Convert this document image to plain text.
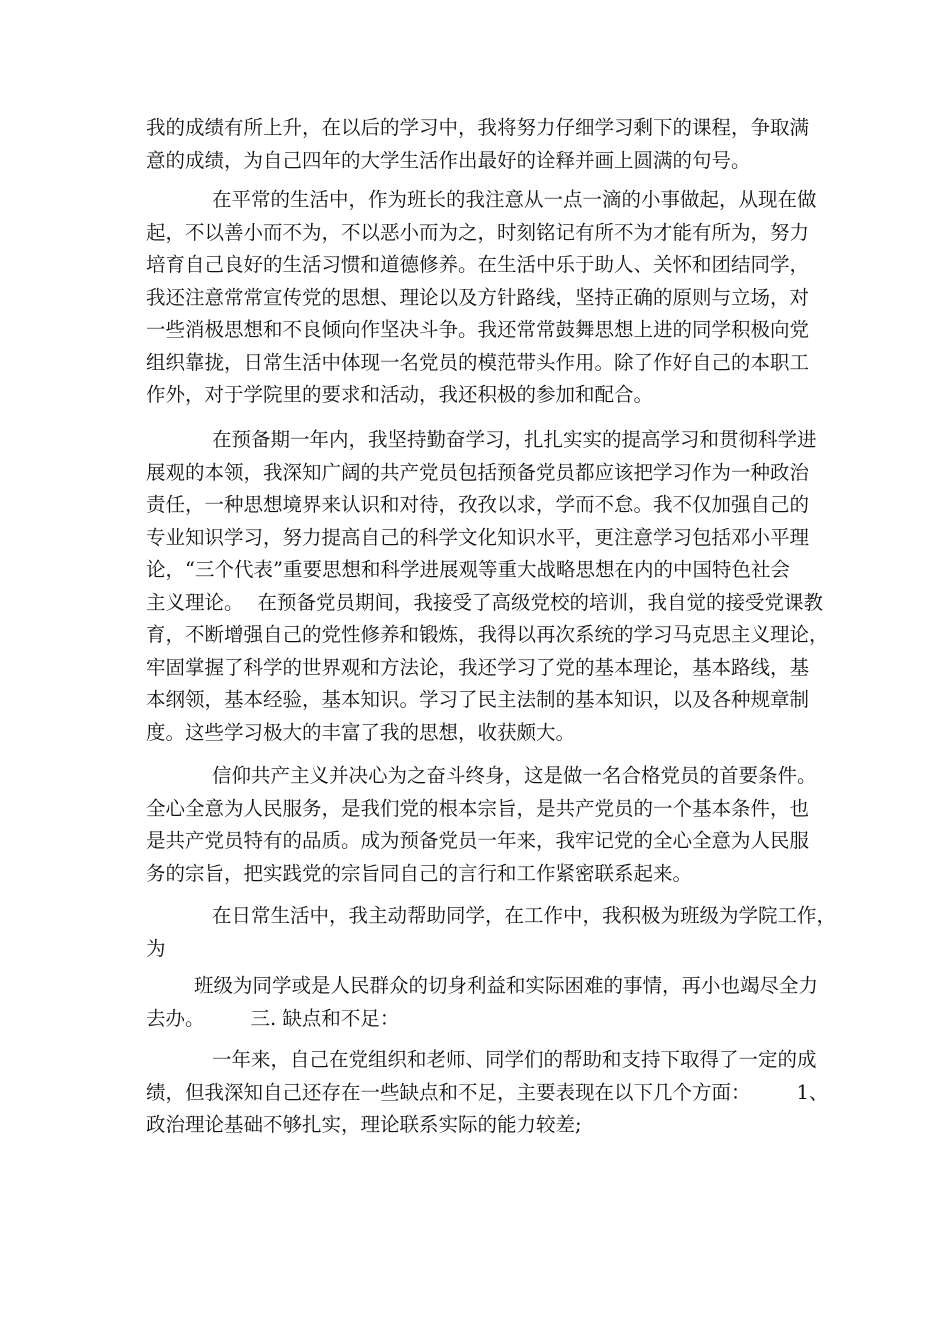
我的成绩有所上升，在以后的学习中，我将努力仔细学习剩下的课程，争取满
意的成绩，为自己四年的大学生活作出最好的诠释并画上圆满的句号。
在平常的生活中，作为班长的我注意从一点一滴的小事做起，从现在做
起，不以善小而不为，不以恶小而为之，时刻铭记有所不为才能有所为，努力
培育自己良好的生活习惯和道德修养。在生活中乐于助人、关怀和团结同学，
我还注意常常宣传党的思想、理论以及方针路线，坚持正确的原则与立场，对
一些消极思想和不良倾向作坚决斗争。我还常常鼓舞思想上进的同学积极向党
组织靠拢，日常生活中体现一名党员的模范带头作用。除了作好自己的本职工
作外，对于学院里的要求和活动，我还积极的参加和配合。
在预备期一年内，我坚持勤奋学习，扎扎实实的提高学习和贯彻科学进
展观的本领，我深知广阔的共产党员包括预备党员都应该把学习作为一种政治
责任，一种思想境界来认识和对待，孜孜以求，学而不怠。我不仅加强自己的
专业知识学习，努力提高自己的科学文化知识水平，更注意学习包括邓小平理
论，“三个代表”重要思想和科学进展观等重大战略思想在内的中国特色社会
主义理论。 在预备党员期间，我接受了高级党校的培训，我自觉的接受党课教
育，不断增强自己的党性修养和锻炼，我得以再次系统的学习马克思主义理论，
牢固掌握了科学的世界观和方法论，我还学习了党的基本理论，基本路线，基
本纲领，基本经验，基本知识。学习了民主法制的基本知识，以及各种规章制
度。这些学习极大的丰富了我的思想，收获颇大。
信仰共产主义并决心为之奋斗终身，这是做一名合格党员的首要条件。
全心全意为人民服务，是我们党的根本宗旨，是共产党员的一个基本条件，也
是共产党员特有的品质。成为预备党员一年来，我牢记党的全心全意为人民服
务的宗旨，把实践党的宗旨同自己的言行和工作紧密联系起来。
在日常生活中，我主动帮助同学，在工作中，我积极为班级为学院工作，
为
班级为同学或是人民群众的切身利益和实际困难的事情，再小也竭尽全力
去办。 三. 缺点和不足：
一年来，自己在党组织和老师、同学们的帮助和支持下取得了一定的成
绩，但我深知自己还存在一些缺点和不足，主要表现在以下几个方面： 1、
政治理论基础不够扎实，理论联系实际的能力较差;
